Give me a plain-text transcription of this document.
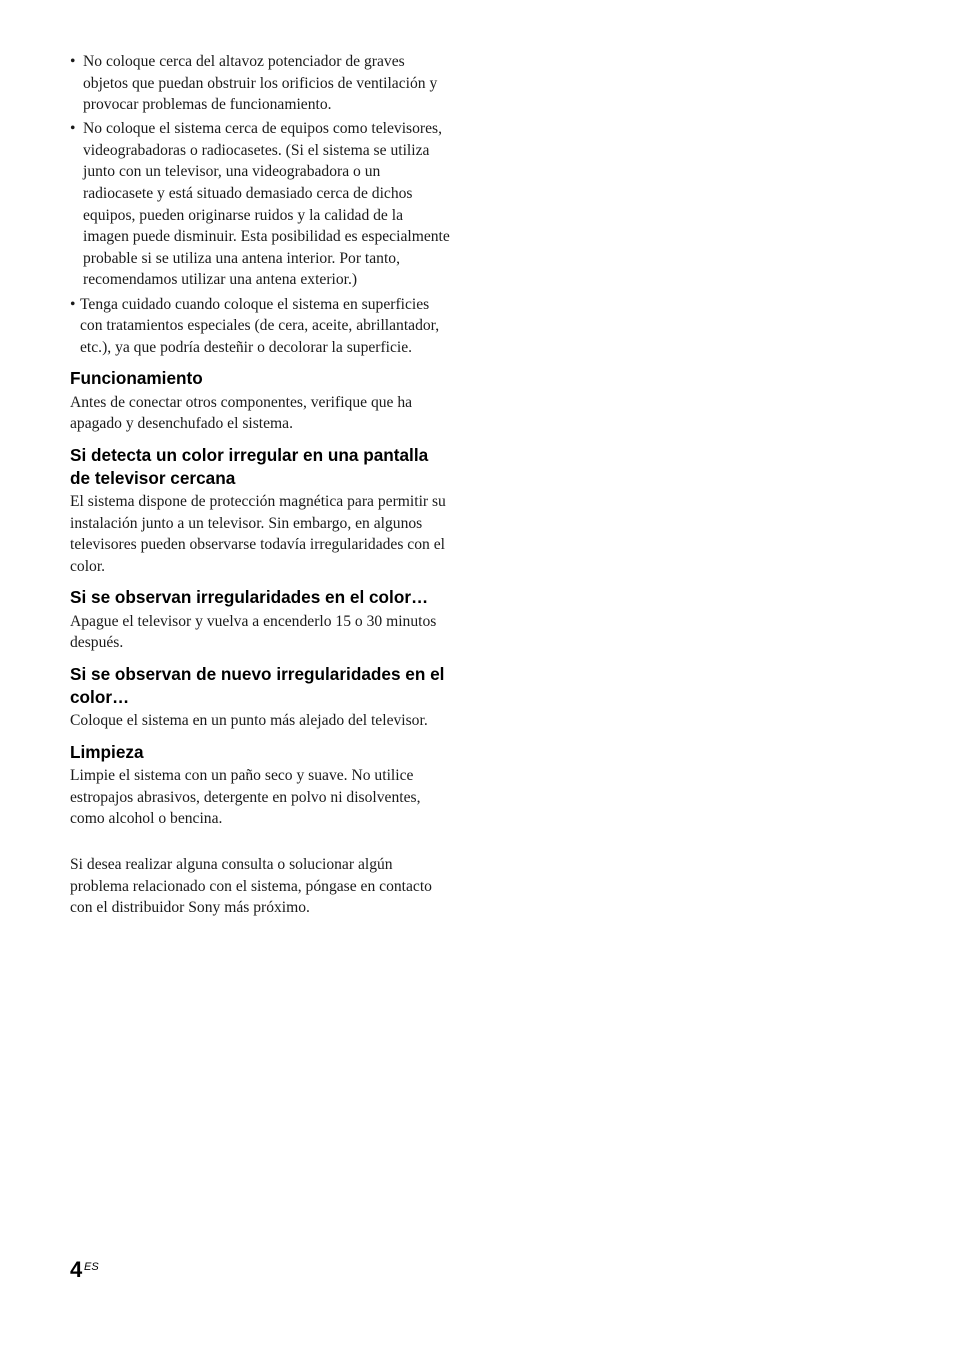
• No coloque cerca del altavoz potenciador de graves objetos que puedan obstruir los orificios de ventilación y provocar problemas de funcionamiento.
• No coloque el sistema cerca de equipos como televisores, videograbadoras o radiocasetes. (Si el sistema se utiliza junto con un televisor, una videograbadora o un radiocasete y está situado demasiado cerca de dichos equipos, pueden originarse ruidos y la calidad de la imagen puede disminuir. Esta posibilidad es especialmente probable si se utiliza una antena interior. Por tanto, recomendamos utilizar una antena exterior.)
• Tenga cuidado cuando coloque el sistema en superficies con tratamientos especiales (de cera, aceite, abrillantador, etc.), ya que podría desteñir o decolorar la superficie.
Funcionamiento

Antes de conectar otros componentes, verifique que ha apagado y desenchufado el sistema.

Si detecta un color irregular en una pantalla de televisor cercana

El sistema dispone de protección magnética para permitir su instalación junto a un televisor. Sin embargo, en algunos televisores pueden observarse todavía irregularidades con el color.

Si se observan irregularidades en el color…

Apague el televisor y vuelva a encenderlo 15 o 30 minutos después.

Si se observan de nuevo irregularidades en el color…

Coloque el sistema en un punto más alejado del televisor.

Limpieza

Limpie el sistema con un paño seco y suave. No utilice estropajos abrasivos, detergente en polvo ni disolventes, como alcohol o bencina.

Si desea realizar alguna consulta o solucionar algún problema relacionado con el sistema, póngase en contacto con el distribuidor Sony más próximo.

4 ES
